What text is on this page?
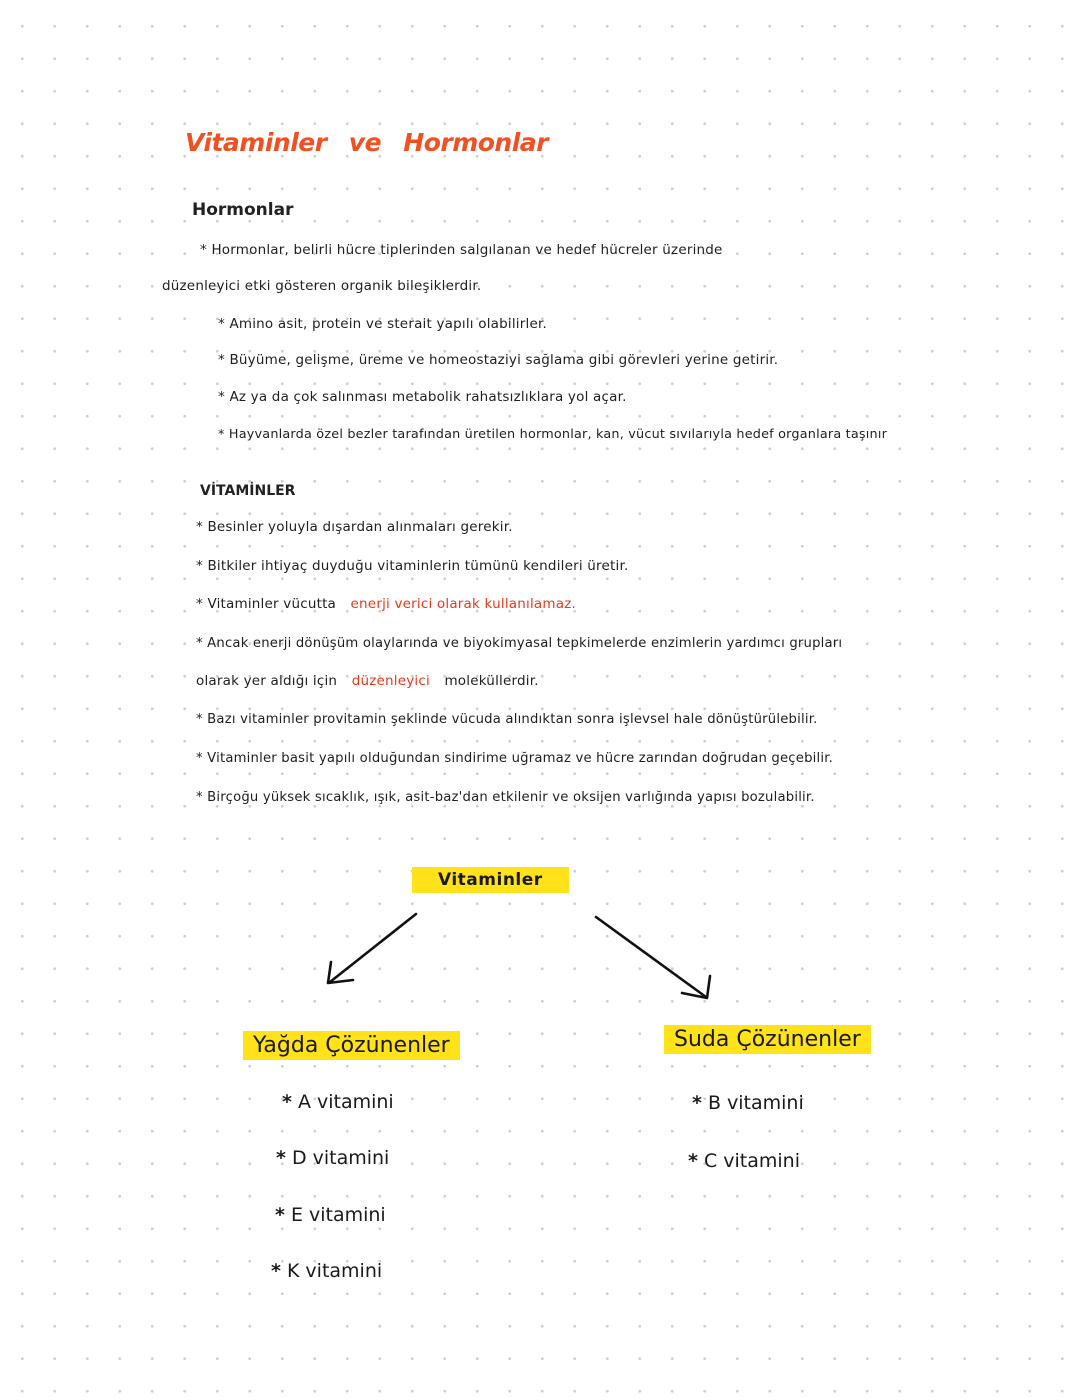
Vitaminler ve Hormonlar
Hormonlar
* Hormonlar, belirli hücre tiplerinden salgılanan ve hedef hücreler üzerinde
düzenleyici etki gösteren organik bileşiklerdir.
* Amino asit, protein ve sterait yapılı olabilirler.
* Büyüme, gelişme, üreme ve homeostaziyi sağlama gibi görevleri yerine getirir.
* Az ya da çok salınması metabolik rahatsızlıklara yol açar.
* Hayvanlarda özel bezler tarafından üretilen hormonlar, kan, vücut sıvılarıyla hedef organlara taşınır
VİTAMİNLER
* Besinler yoluyla dışardan alınmaları gerekir.
* Bitkiler ihtiyaç duyduğu vitaminlerin tümünü kendileri üretir.
* Vitaminler vücutta enerji verici olarak kullanılamaz.
* Ancak enerji dönüşüm olaylarında ve biyokimyasal tepkimelerde enzimlerin yardımcı grupları
olarak yer aldığı için düzenleyici moleküllerdir.
* Bazı vitaminler provitamin şeklinde vücuda alındıktan sonra işlevsel hale dönüştürülebilir.
* Vitaminler basit yapılı olduğundan sindirime uğramaz ve hücre zarından doğrudan geçebilir.
* Birçoğu yüksek sıcaklık, ışık, asit-baz'dan etkilenir ve oksijen varlığında yapısı bozulabilir.
Vitaminler
Yağda Çözünenler
* A vitamini
* D vitamini
* E vitamini
* K vitamini
Suda Çözünenler
* B vitamini
* C vitamini
